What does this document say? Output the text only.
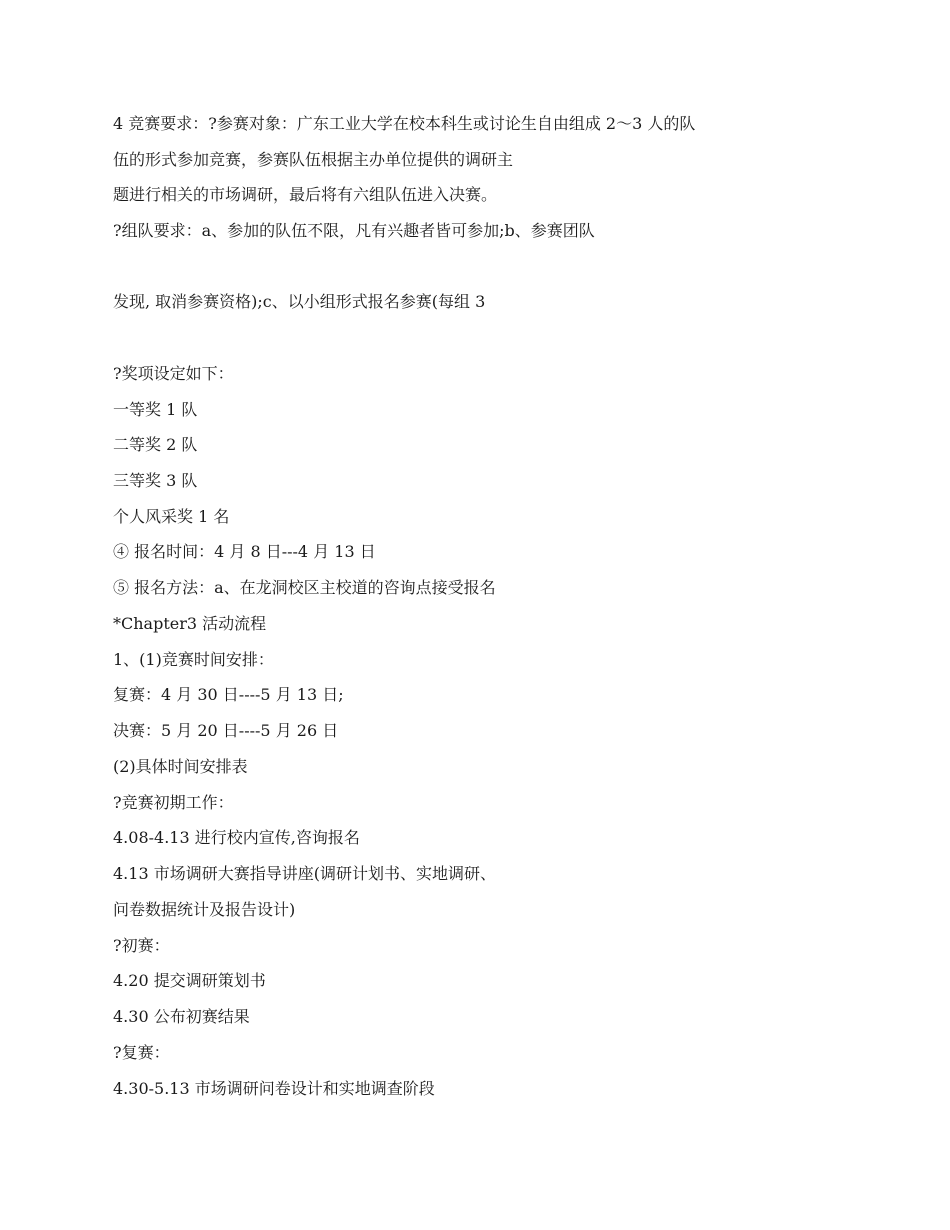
4 竞赛要求：?参赛对象：广东工业大学在校本科生或讨论生自由组成 2～3 人的队
伍的形式参加竞赛，参赛队伍根据主办单位提供的调研主
题进行相关的市场调研，最后将有六组队伍进入决赛。
?组队要求：a、参加的队伍不限，凡有兴趣者皆可参加;b、参赛团队
发现, 取消参赛资格);c、以小组形式报名参赛(每组 3
?奖项设定如下：
一等奖 1 队
二等奖 2 队
三等奖 3 队
个人风采奖 1 名
④ 报名时间：4 月 8 日---4 月 13 日
⑤ 报名方法：a、在龙洞校区主校道的咨询点接受报名
*Chapter3 活动流程
1、(1)竞赛时间安排：
复赛：4 月 30 日----5 月 13 日;
决赛：5 月 20 日----5 月 26 日
(2)具体时间安排表
?竞赛初期工作：
4.08-4.13 进行校内宣传,咨询报名
4.13 市场调研大赛指导讲座(调研计划书、实地调研、
问卷数据统计及报告设计)
?初赛：
4.20 提交调研策划书
4.30 公布初赛结果
?复赛：
4.30-5.13 市场调研问卷设计和实地调查阶段
